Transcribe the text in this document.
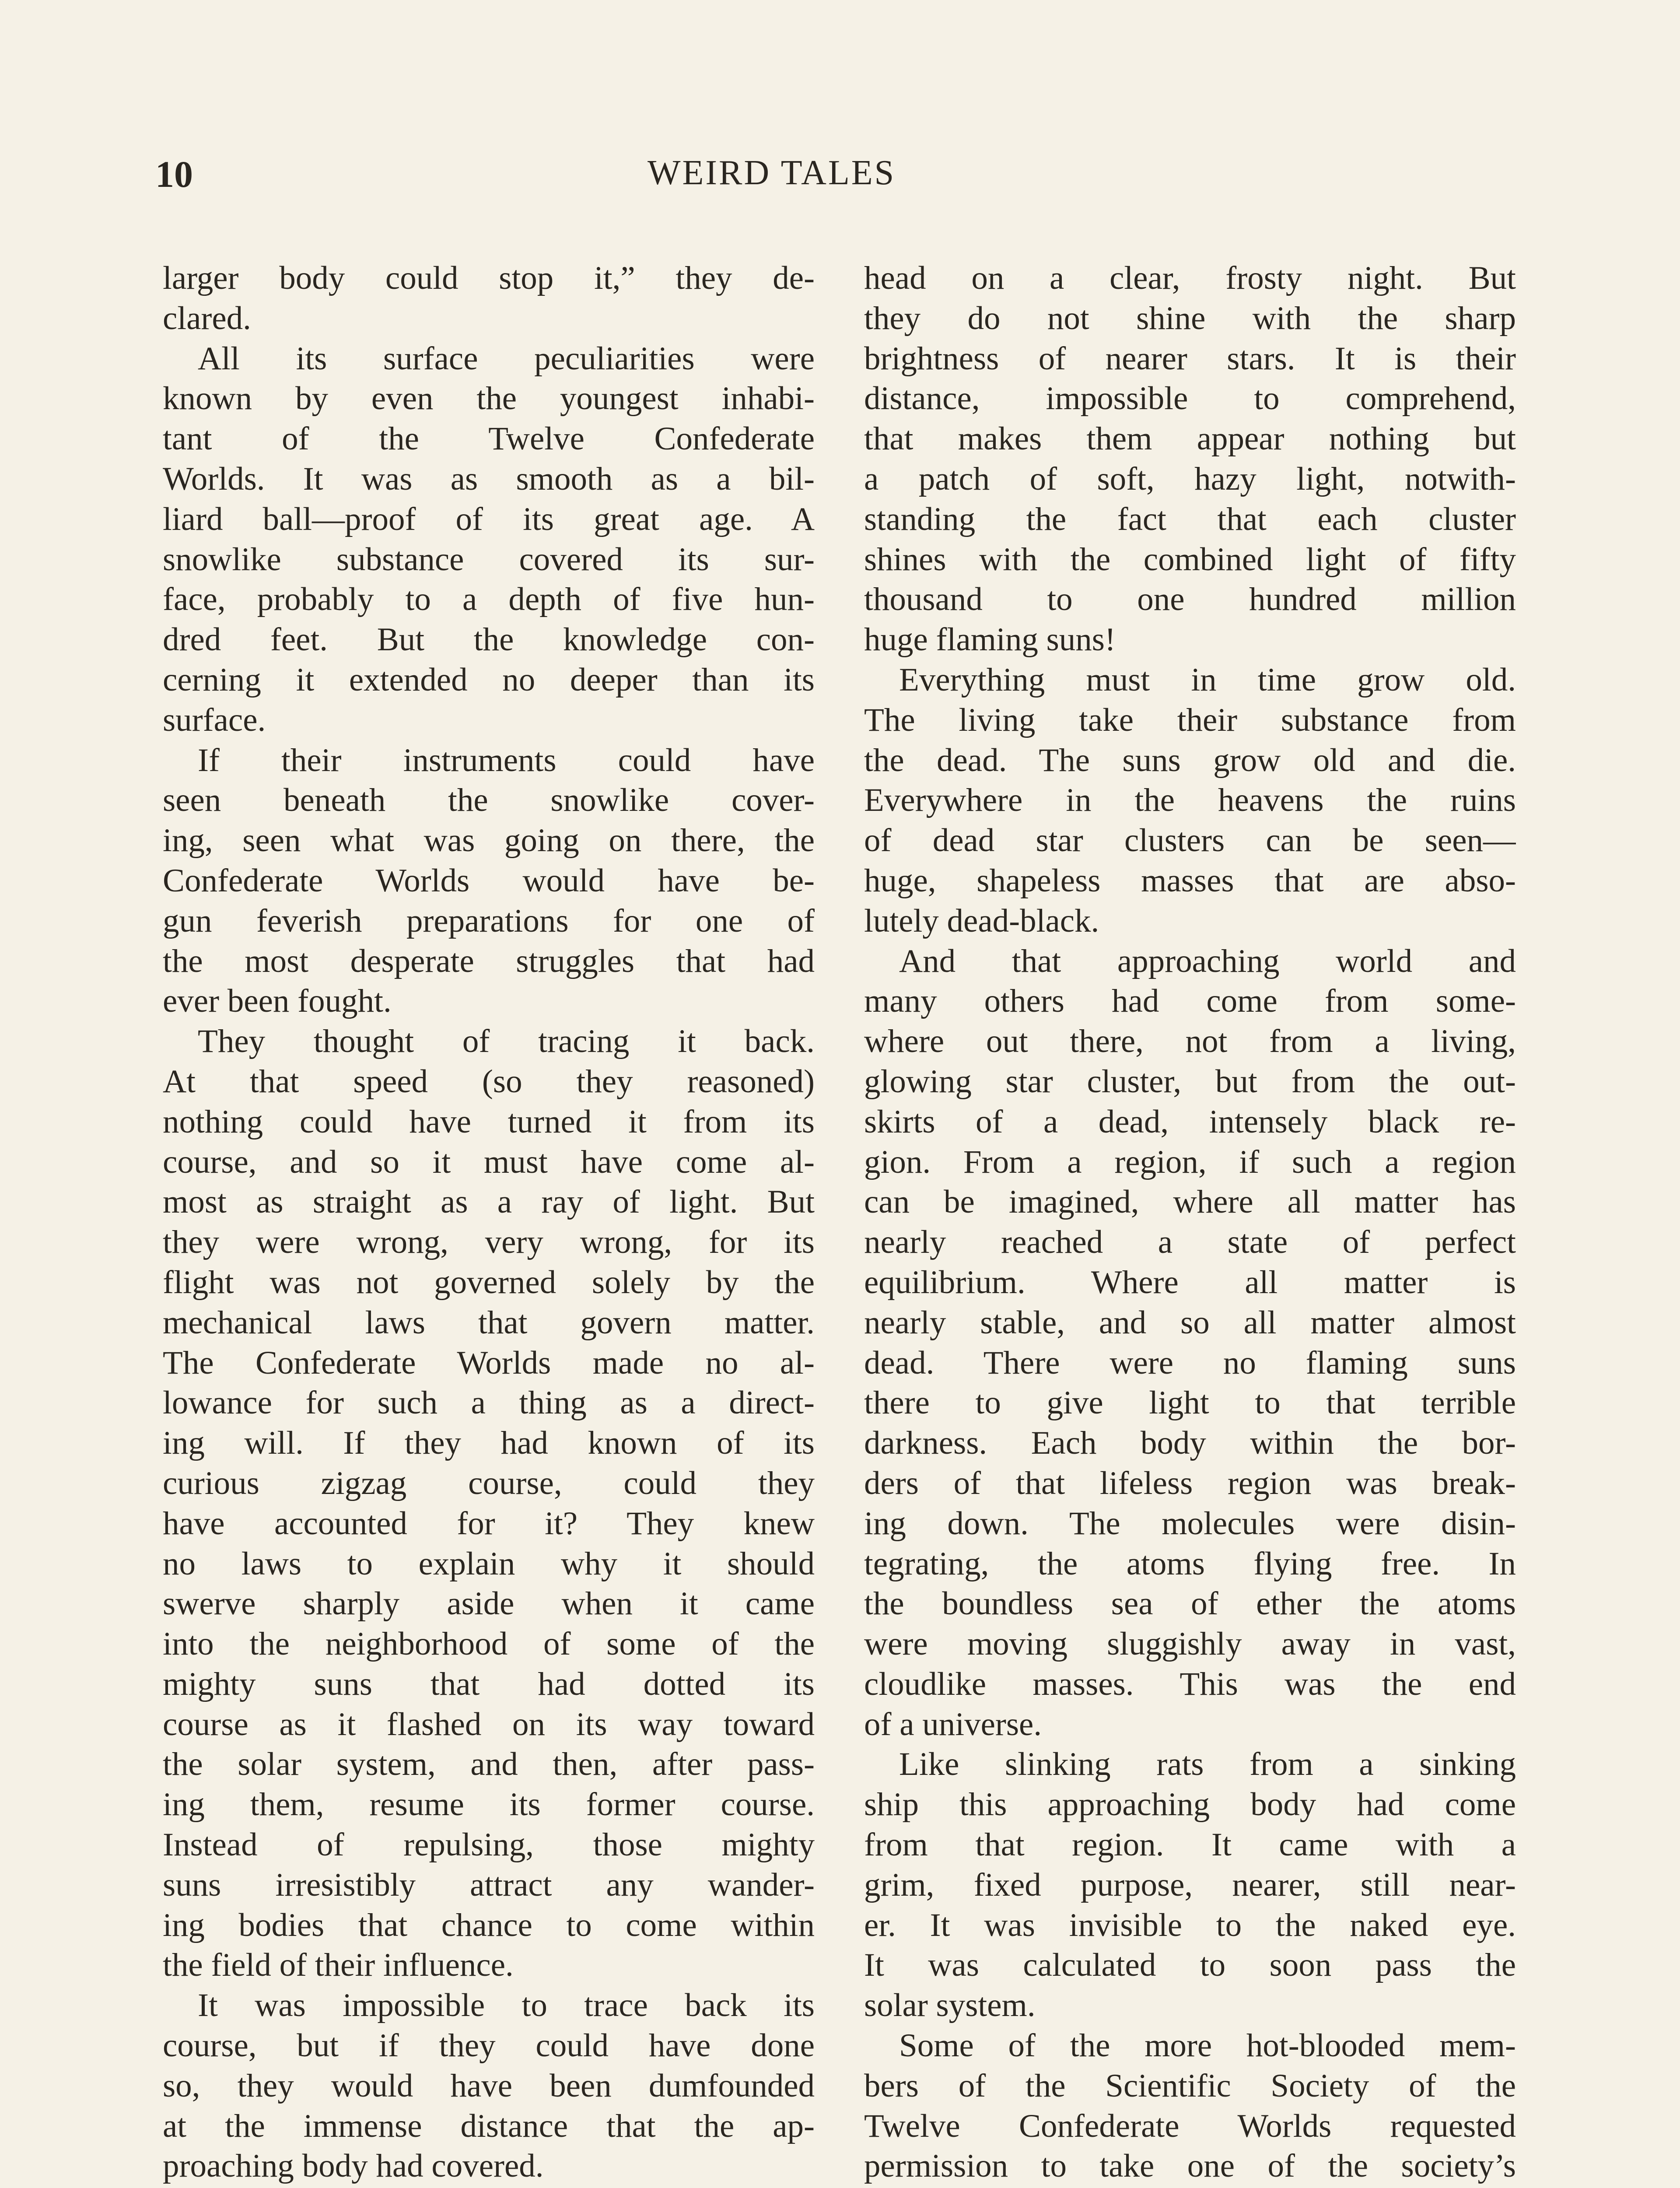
10	WEIRD TALES
larger body could stop it,” they de-
clared.
All its surface peculiarities were
known by even the youngest inhabi-
tant of the Twelve Confederate
Worlds. It was as smooth as a bil-
liard ball—proof of its great age. A
snowlike substance covered its sur-
face, probably to a depth of five hun-
dred feet. But the knowledge con-
cerning it extended no deeper than its
surface.
If their instruments could have
seen beneath the snowlike cover-
ing, seen what was going on there, the
Confederate Worlds would have be-
gun feverish preparations for one of
the most desperate struggles that had
ever been fought.
They thought of tracing it back.
At that speed (so they reasoned)
nothing could have turned it from its
course, and so it must have come al-
most as straight as a ray of light. But
they were wrong, very wrong, for its
flight was not governed solely by the
mechanical laws that govern matter.
The Confederate Worlds made no al-
lowance for such a thing as a direct-
ing will. If they had known of its
curious zigzag course, could they
have accounted for it? They knew
no laws to explain why it should
swerve sharply aside when it came
into the neighborhood of some of the
mighty suns that had dotted its
course as it flashed on its way toward
the solar system, and then, after pass-
ing them, resume its former course.
Instead of repulsing, those mighty
suns irresistibly attract any wander-
ing bodies that chance to come within
the field of their influence.
It was impossible to trace back its
course, but if they could have done
so, they would have been dumfounded
at the immense distance that the ap-
proaching body had covered.
head on a clear, frosty night. But
they do not shine with the sharp
brightness of nearer stars. It is their
distance, impossible to comprehend,
that makes them appear nothing but
a patch of soft, hazy light, notwith-
standing the fact that each cluster
shines with the combined light of fifty
thousand to one hundred million
huge flaming suns!
Everything must in time grow old.
The living take their substance from
the dead. The suns grow old and die.
Everywhere in the heavens the ruins
of dead star clusters can be seen—
huge, shapeless masses that are abso-
lutely dead-black.
And that approaching world and
many others had come from some-
where out there, not from a living,
glowing star cluster, but from the out-
skirts of a dead, intensely black re-
gion. From a region, if such a region
can be imagined, where all matter has
nearly reached a state of perfect
equilibrium. Where all matter is
nearly stable, and so all matter almost
dead. There were no flaming suns
there to give light to that terrible
darkness. Each body within the bor-
ders of that lifeless region was break-
ing down. The molecules were disin-
tegrating, the atoms flying free. In
the boundless sea of ether the atoms
were moving sluggishly away in vast,
cloudlike masses. This was the end
of a universe.
Like slinking rats from a sinking
ship this approaching body had come
from that region. It came with a
grim, fixed purpose, nearer, still near-
er. It was invisible to the naked eye.
It was calculated to soon pass the
solar system.
Some of the more hot-blooded mem-
bers of the Scientific Society of the
Twelve Confederate Worlds requested
permission to take one of the society’s
